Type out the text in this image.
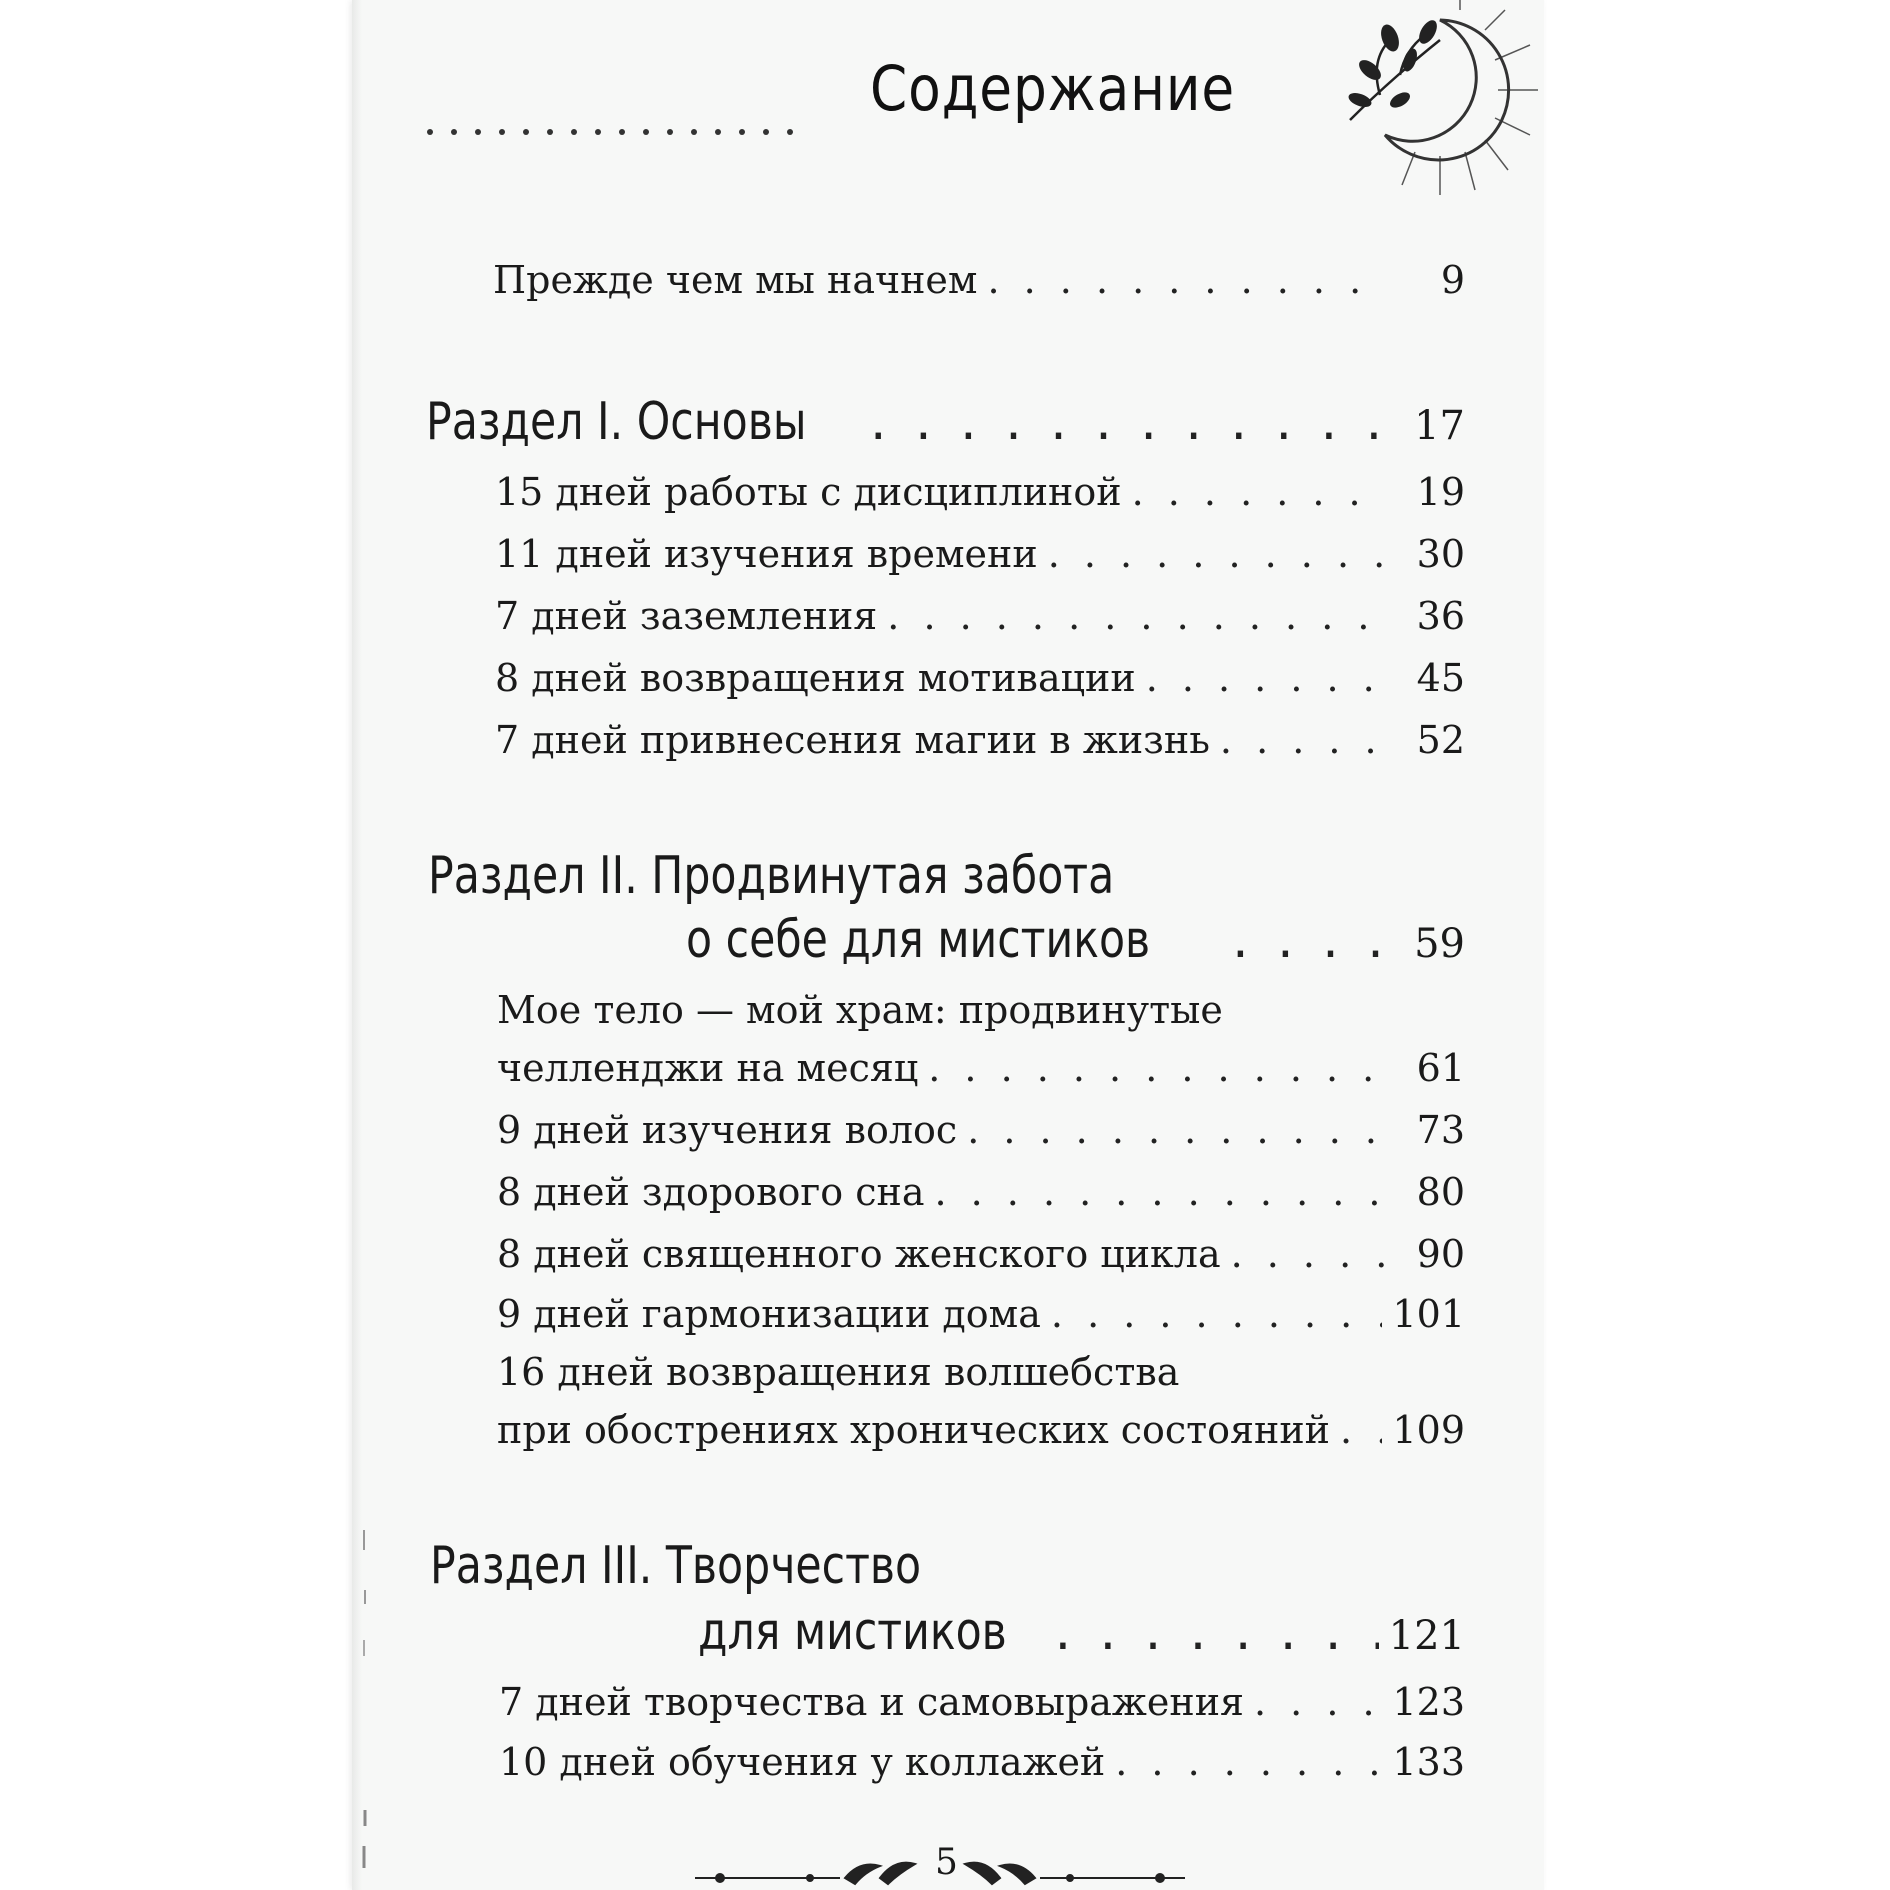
Содержание
Прежде чем мы начнем . . .	9
Раздел I. Основы . . .	17
15 дней работы с дисциплиной . . .	19
11 дней изучения времени . . .	30
7 дней заземления . . .	36
8 дней возвращения мотивации . . .	45
7 дней привнесения магии в жизнь . . .	52
Раздел II. Продвинутая забота
о себе для мистиков . . .	59
Мое тело — мой храм: продвинутые
челленджи на месяц . . .	61
9 дней изучения волос . . .	73
8 дней здорового сна . . .	80
8 дней священного женского цикла . . .	90
9 дней гармонизации дома . . .	101
16 дней возвращения волшебства
при обострениях хронических состояний . . . 109
Раздел III. Творчество
для мистиков . . .	121
7 дней творчества и самовыражения . . .	123
10 дней обучения у коллажей . . .	133
5
